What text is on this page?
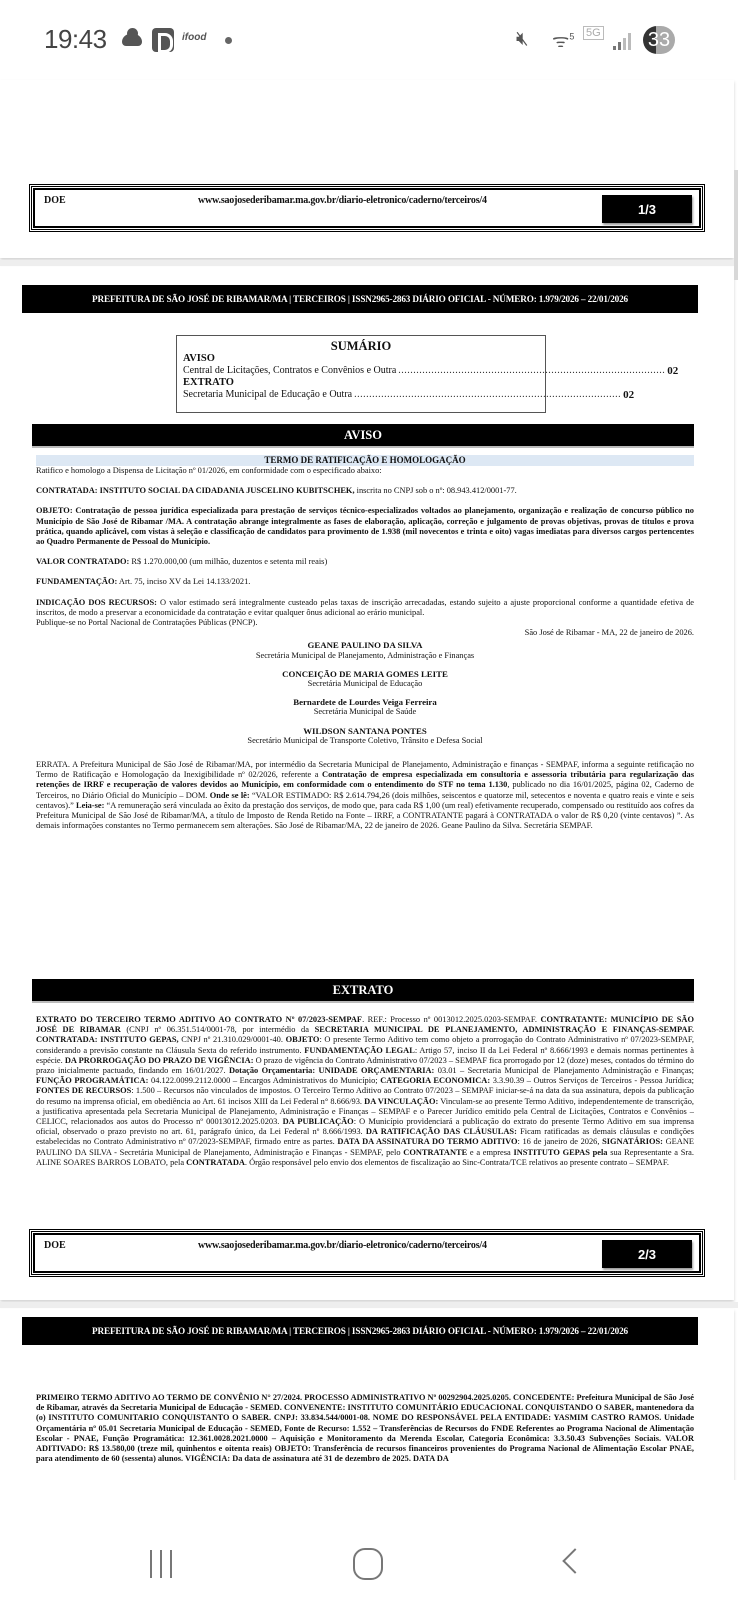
19:43	ifood	🔇︎ ᯤ$^5$ 5G 33
DOE	www.saojosederibamar.ma.gov.br/diario-eletronico/caderno/terceiros/4
1/3
PREFEITURA DE SÃO JOSÉ DE RIBAMAR/MA | TERCEIROS | ISSN2965-2863 DIÁRIO OFICIAL - NÚMERO: 1.979/2026 – 22/01/2026
SUMÁRIO
AVISO
Central de Licitações, Contratos e Convênios e Outra ......................................................................................... 02
EXTRATO
Secretaria Municipal de Educação e Outra ......................................................................................... 02
AVISO
TERMO DE RATIFICAÇÃO E HOMOLOGAÇÃO

Ratifico e homologo a Dispensa de Licitação nº 01/2026, em conformidade com o especificado abaixo:

CONTRATADA: INSTITUTO SOCIAL DA CIDADANIA JUSCELINO KUBITSCHEK, inscrita no CNPJ sob o nº: 08.943.412/0001-77.

OBJETO: Contratação de pessoa jurídica especializada para prestação de serviços técnico-especializados voltados ao planejamento, organização e realização de concurso público no Município de São José de Ribamar /MA. A contratação abrange integralmente as fases de elaboração, aplicação, correção e julgamento de provas objetivas, provas de títulos e prova prática, quando aplicável, com vistas à seleção e classificação de candidatos para provimento de 1.938 (mil novecentos e trinta e oito) vagas imediatas para diversos cargos pertencentes ao Quadro Permanente de Pessoal do Município.

VALOR CONTRATADO: R$ 1.270.000,00 (um milhão, duzentos e setenta mil reais)

FUNDAMENTAÇÃO: Art. 75, inciso XV da Lei 14.133/2021.

INDICAÇÃO DOS RECURSOS: O valor estimado será integralmente custeado pelas taxas de inscrição arrecadadas, estando sujeito a ajuste proporcional conforme a quantidade efetiva de inscritos, de modo a preservar a economicidade da contratação e evitar qualquer ônus adicional ao erário municipal.

Publique-se no Portal Nacional de Contratações Públicas (PNCP).

São José de Ribamar - MA, 22 de janeiro de 2026.

GEANE PAULINO DA SILVA
Secretária Municipal de Planejamento, Administração e Finanças
CONCEIÇÃO DE MARIA GOMES LEITE
Secretária Municipal de Educação
Bernardete de Lourdes Veiga Ferreira
Secretária Municipal de Saúde
WILDSON SANTANA PONTES
Secretário Municipal de Transporte Coletivo, Trânsito e Defesa Social

ERRATA. A Prefeitura Municipal de São José de Ribamar/MA, por intermédio da Secretaria Municipal de Planejamento, Administração e finanças - SEMPAF, informa a seguinte retificação no Termo de Ratificação e Homologação da Inexigibilidade nº 02/2026, referente a Contratação de empresa especializada em consultoria e assessoria tributária para regularização das retenções de IRRF e recuperação de valores devidos ao Município, em conformidade com o entendimento do STF no tema 1.130, publicado no dia 16/01/2025, página 02, Caderno de Terceiros, no Diário Oficial do Município – DOM. Onde se lê: “VALOR ESTIMADO: R$ 2.614.794,26 (dois milhões, seiscentos e quatorze mil, setecentos e noventa e quatro reais e vinte e seis centavos).” Leia-se: “A remuneração será vinculada ao êxito da prestação dos serviços, de modo que, para cada R$ 1,00 (um real) efetivamente recuperado, compensado ou restituído aos cofres da Prefeitura Municipal de São José de Ribamar/MA, a título de Imposto de Renda Retido na Fonte – IRRF, a CONTRATANTE pagará à CONTRATADA o valor de R$ 0,20 (vinte centavos) ”. As demais informações constantes no Termo permanecem sem alterações. São José de Ribamar/MA, 22 de janeiro de 2026. Geane Paulino da Silva. Secretária SEMPAF.

EXTRATO

EXTRATO DO TERCEIRO TERMO ADITIVO AO CONTRATO Nº 07/2023-SEMPAF. REF.: Processo nº 0013012.2025.0203-SEMPAF. CONTRATANTE: MUNICÍPIO DE SÃO JOSÉ DE RIBAMAR (CNPJ nº 06.351.514/0001-78, por intermédio da SECRETARIA MUNICIPAL DE PLANEJAMENTO, ADMINISTRAÇÃO E FINANÇAS-SEMPAF. CONTRATADA: INSTITUTO GEPAS, CNPJ nº 21.310.029/0001-40. OBJETO: O presente Termo Aditivo tem como objeto a prorrogação do Contrato Administrativo nº 07/2023-SEMPAF, considerando a previsão constante na Cláusula Sexta do referido instrumento. FUNDAMENTAÇÃO LEGAL: Artigo 57, inciso II da Lei Federal nº 8.666/1993 e demais normas pertinentes à espécie. DA PRORROGAÇÃO DO PRAZO DE VIGÊNCIA: O prazo de vigência do Contrato Administrativo 07/2023 – SEMPAF fica prorrogado por 12 (doze) meses, contados do término do prazo inicialmente pactuado, findando em 16/01/2027. Dotação Orçamentaria: UNIDADE ORÇAMENTARIA: 03.01 – Secretaria Municipal de Planejamento Administração e Finanças; FUNÇÃO PROGRAMÁTICA: 04.122.0099.2112.0000 – Encargos Administrativos do Município; CATEGORIA ECONOMICA: 3.3.90.39 – Outros Serviços de Terceiros - Pessoa Jurídica; FONTES DE RECURSOS: 1.500 – Recursos não vinculados de impostos. O Terceiro Termo Aditivo ao Contrato 07/2023 – SEMPAF iniciar-se-á na data da sua assinatura, depois da publicação do resumo na imprensa oficial, em obediência ao Art. 61 incisos XIII da Lei Federal n° 8.666/93. DA VINCULAÇÃO: Vinculam-se ao presente Termo Aditivo, independentemente de transcrição, a justificativa apresentada pela Secretaria Municipal de Planejamento, Administração e Finanças – SEMPAF e o Parecer Jurídico emitido pela Central de Licitações, Contratos e Convênios – CELICC, relacionados aos autos do Processo nº 00013012.2025.0203. DA PUBLICAÇÃO: O Município providenciará a publicação do extrato do presente Termo Aditivo em sua imprensa oficial, observado o prazo previsto no art. 61, parágrafo único, da Lei Federal nº 8.666/1993. DA RATIFICAÇÃO DAS CLÁUSULAS: Ficam ratificadas as demais cláusulas e condições estabelecidas no Contrato Administrativo nº 07/2023-SEMPAF, firmado entre as partes. DATA DA ASSINATURA DO TERMO ADITIVO: 16 de janeiro de 2026, SIGNATÁRIOS: GEANE PAULINO DA SILVA - Secretária Municipal de Planejamento, Administração e Finanças - SEMPAF, pelo CONTRATANTE e a empresa INSTITUTO GEPAS pela sua Representante a Sra. ALINE SOARES BARROS LOBATO, pela CONTRATADA. Órgão responsável pelo envio dos elementos de fiscalização ao Sinc-Contrata/TCE relativos ao presente contrato – SEMPAF.

DOE	www.saojosederibamar.ma.gov.br/diario-eletronico/caderno/terceiros/4
2/3
PREFEITURA DE SÃO JOSÉ DE RIBAMAR/MA | TERCEIROS | ISSN2965-2863 DIÁRIO OFICIAL - NÚMERO: 1.979/2026 – 22/01/2026
PRIMEIRO TERMO ADITIVO AO TERMO DE CONVÊNIO N° 27/2024. PROCESSO ADMINISTRATIVO Nº 00292904.2025.0205. CONCEDENTE: Prefeitura Municipal de São José de Ribamar, através da Secretaria Municipal de Educação - SEMED. CONVENENTE: INSTITUTO COMUNITÁRIO EDUCACIONAL CONQUISTANDO O SABER, mantenedora da (o) INSTITUTO COMUNITARIO CONQUISTANTO O SABER. CNPJ: 33.834.544/0001-08. NOME DO RESPONSÁVEL PELA ENTIDADE: YASMIM CASTRO RAMOS. Unidade Orçamentária nº 05.01 Secretaria Municipal de Educação - SEMED, Fonte de Recurso: 1.552 – Transferências de Recursos do FNDE Referentes ao Programa Nacional de Alimentação Escolar - PNAE, Função Programática: 12.361.0028.2021.0000 – Aquisição e Monitoramento da Merenda Escolar, Categoria Econômica: 3.3.50.43 Subvenções Sociais. VALOR ADITIVADO: R$ 13.580,00 (treze mil, quinhentos e oitenta reais) OBJETO: Transferência de recursos financeiros provenientes do Programa Nacional de Alimentação Escolar PNAE, para atendimento de 60 (sessenta) alunos. VIGÊNCIA: Da data de assinatura até 31 de dezembro de 2025. DATA DA
